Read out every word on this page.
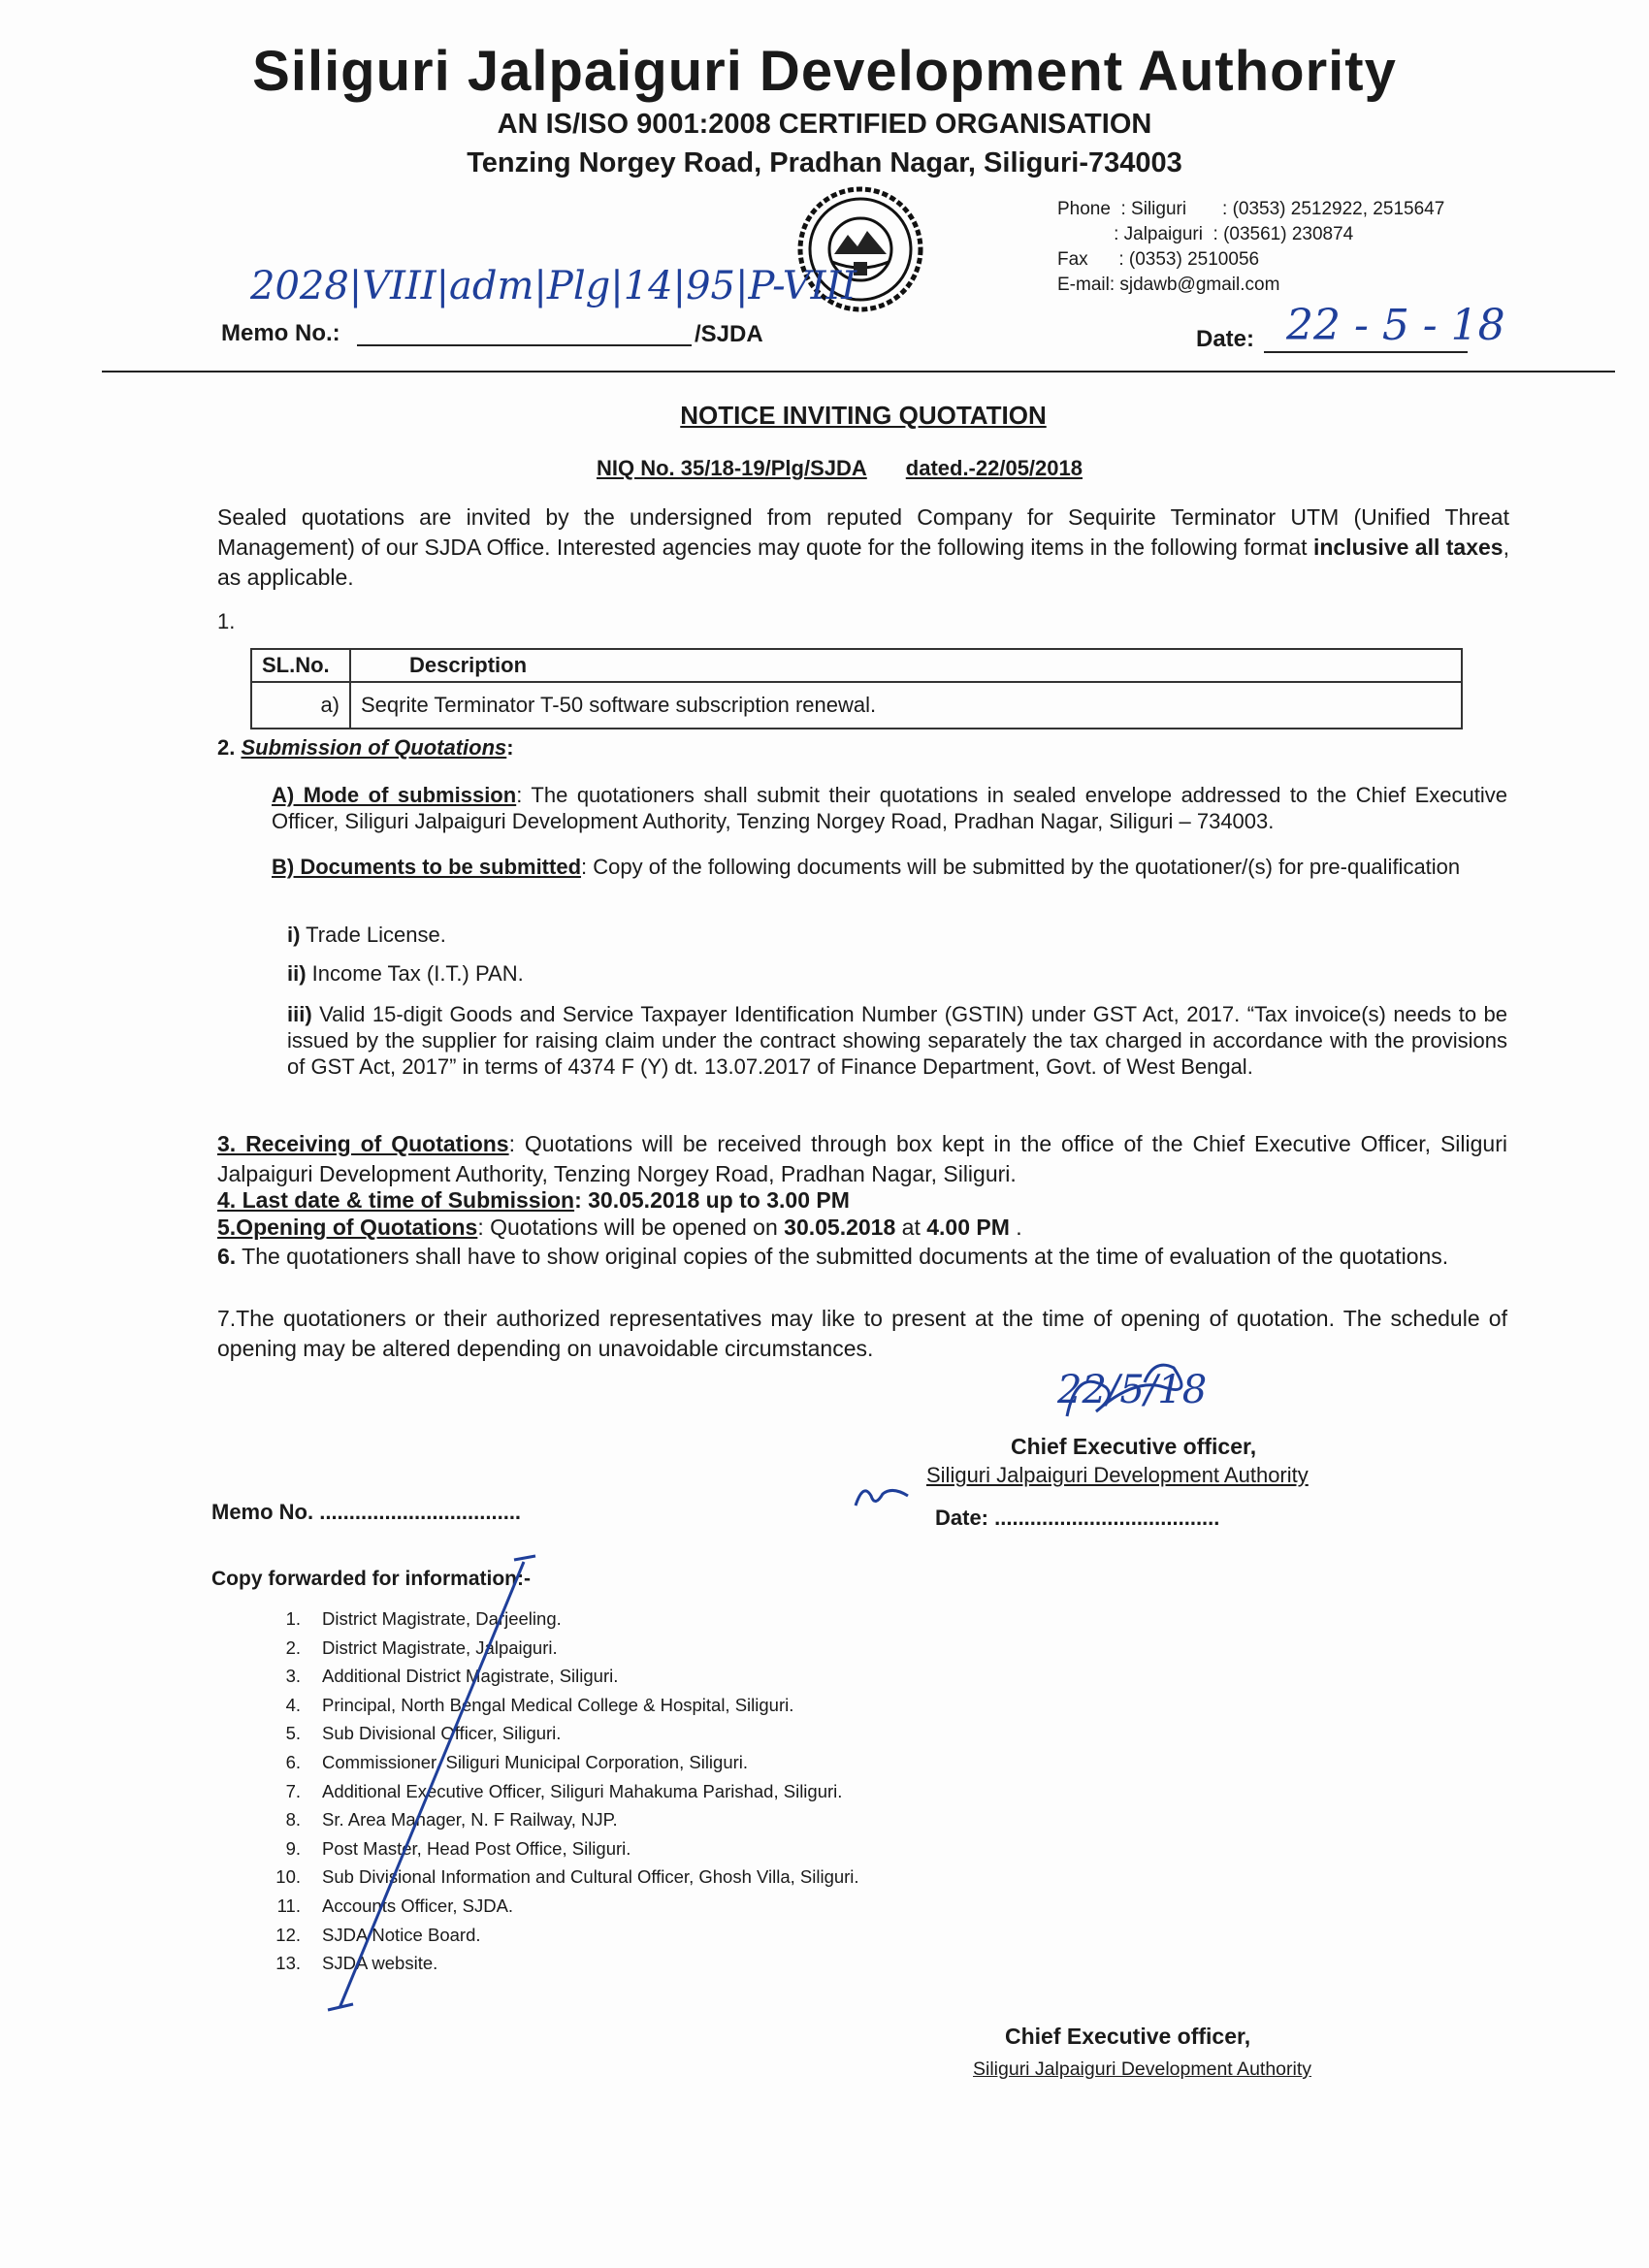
Siliguri Jalpaiguri Development Authority
AN IS/ISO 9001:2008 CERTIFIED ORGANISATION
Tenzing Norgey Road, Pradhan Nagar, Siliguri-734003
Phone  : Siliguri       : (0353) 2512922, 2515647
: Jalpaiguri  : (03561) 230874
Fax      : (0353) 2510056
E-mail: sjdawb@gmail.com
2028|VIII|adm|Plg|14|95|P-VIII
Memo No.:	/SJDA	Date: 22 - 5 - 18
NOTICE INVITING QUOTATION
NIQ No. 35/18-19/Plg/SJDA dated.-22/05/2018
Sealed quotations are invited by the undersigned from reputed Company for Sequirite Terminator UTM (Unified Threat Management) of our SJDA Office. Interested agencies may quote for the following items in the following format inclusive all taxes, as applicable.
1.
SL.No.	Description
a)	Seqrite Terminator T-50 software subscription renewal.
2. Submission of Quotations:
A) Mode of submission: The quotationers shall submit their quotations in sealed envelope addressed to the Chief Executive Officer, Siliguri Jalpaiguri Development Authority, Tenzing Norgey Road, Pradhan Nagar, Siliguri – 734003.
B) Documents to be submitted: Copy of the following documents will be submitted by the quotationer/(s) for pre-qualification
i) Trade License.
ii) Income Tax (I.T.) PAN.
iii) Valid 15-digit Goods and Service Taxpayer Identification Number (GSTIN) under GST Act, 2017. “Tax invoice(s) needs to be issued by the supplier for raising claim under the contract showing separately the tax charged in accordance with the provisions of GST Act, 2017” in terms of 4374 F (Y) dt. 13.07.2017 of Finance Department, Govt. of West Bengal.
3. Receiving of Quotations: Quotations will be received through box kept in the office of the Chief Executive Officer, Siliguri Jalpaiguri Development Authority, Tenzing Norgey Road, Pradhan Nagar, Siliguri.
4. Last date & time of Submission: 30.05.2018 up to 3.00 PM
5.Opening of Quotations: Quotations will be opened on 30.05.2018 at 4.00 PM .
6. The quotationers shall have to show original copies of the submitted documents at the time of evaluation of the quotations.
7.The quotationers or their authorized representatives may like to present at the time of opening of quotation. The schedule of opening may be altered depending on unavoidable circumstances.
22/5/18
Chief Executive officer,
Siliguri Jalpaiguri Development Authority
Memo No. ..................................	Date: ......................................
Copy forwarded for information:-
1.	District Magistrate, Darjeeling.
2.	District Magistrate, Jalpaiguri.
3.	Additional District Magistrate, Siliguri.
4.	Principal, North Bengal Medical College & Hospital, Siliguri.
5.	Sub Divisional Officer, Siliguri.
6.	Commissioner, Siliguri Municipal Corporation, Siliguri.
7.	Additional Executive Officer, Siliguri Mahakuma Parishad, Siliguri.
8.	Sr. Area Manager, N. F Railway, NJP.
9.	Post Master, Head Post Office, Siliguri.
10.	Sub Divisional Information and Cultural Officer, Ghosh Villa, Siliguri.
11.	Accounts Officer, SJDA.
12.	SJDA Notice Board.
13.	SJDA website.
Chief Executive officer,
Siliguri Jalpaiguri Development Authority
